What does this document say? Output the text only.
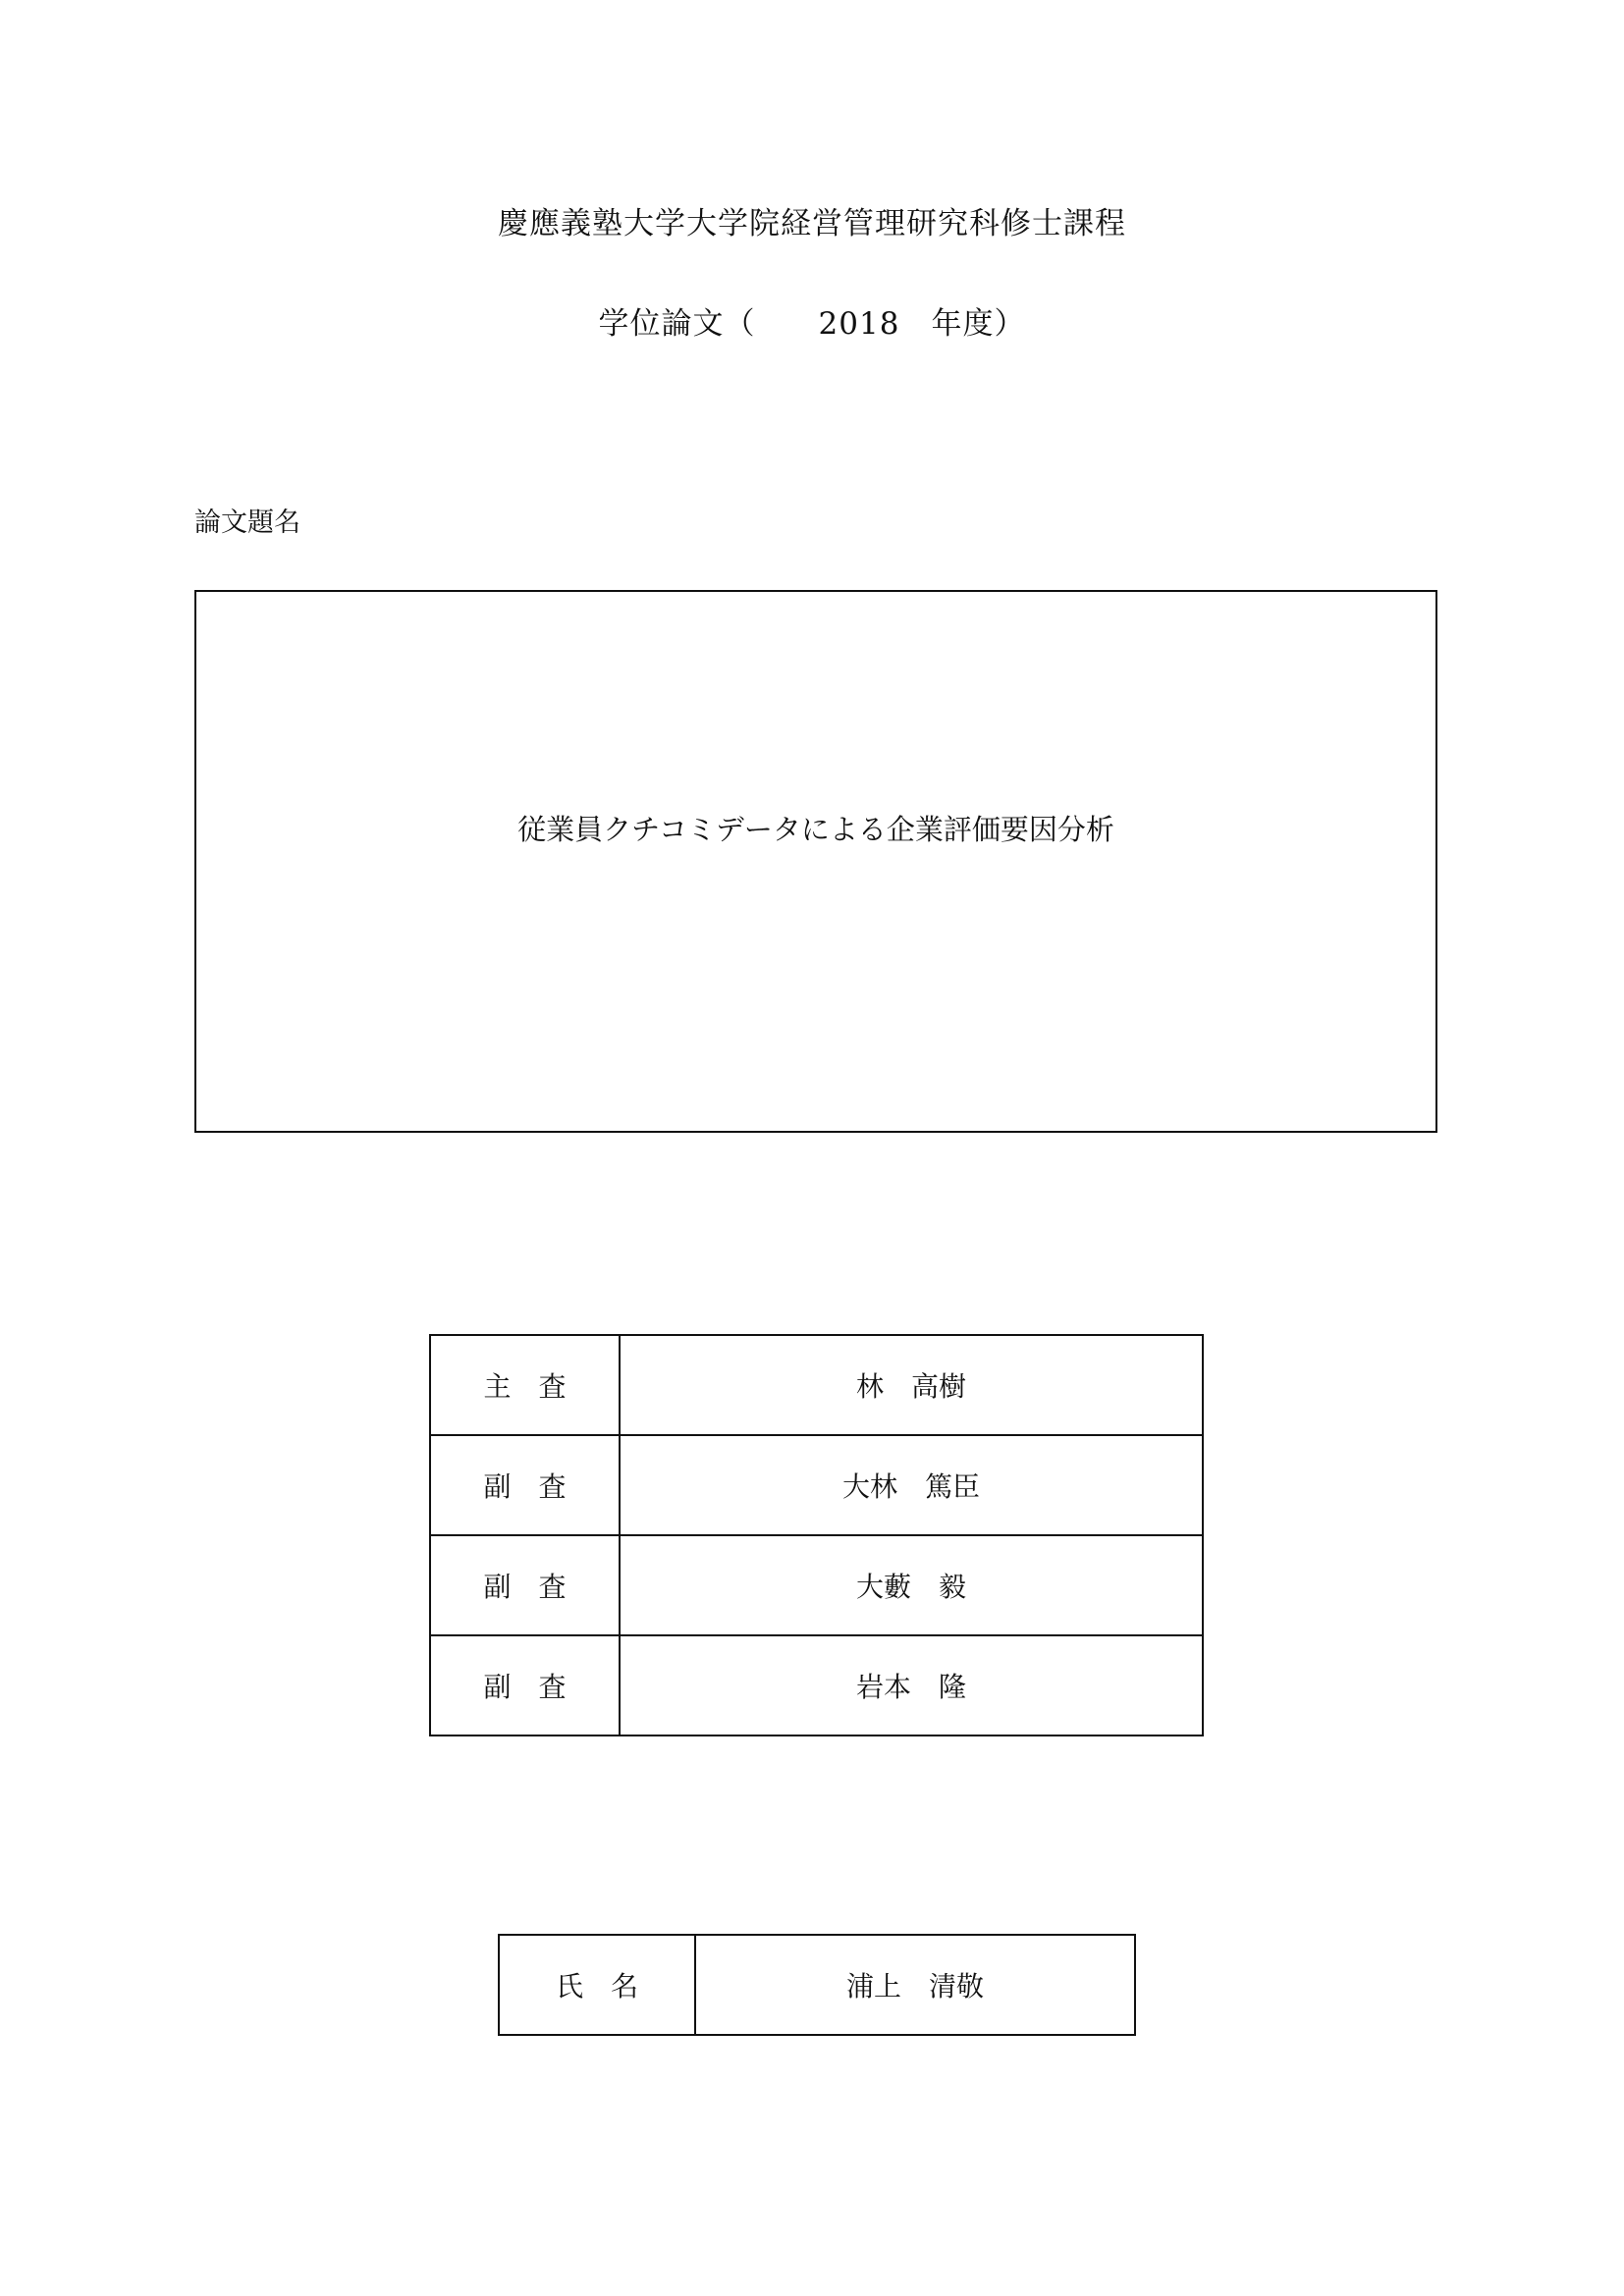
慶應義塾大学大学院経営管理研究科修士課程
学位論文（　　2018　年度）
論文題名
従業員クチコミデータによる企業評価要因分析
主　査	林　高樹
副　査	大林　篤臣
副　査	大藪　毅
副　査	岩本　隆
氏　名	浦上　清敬
